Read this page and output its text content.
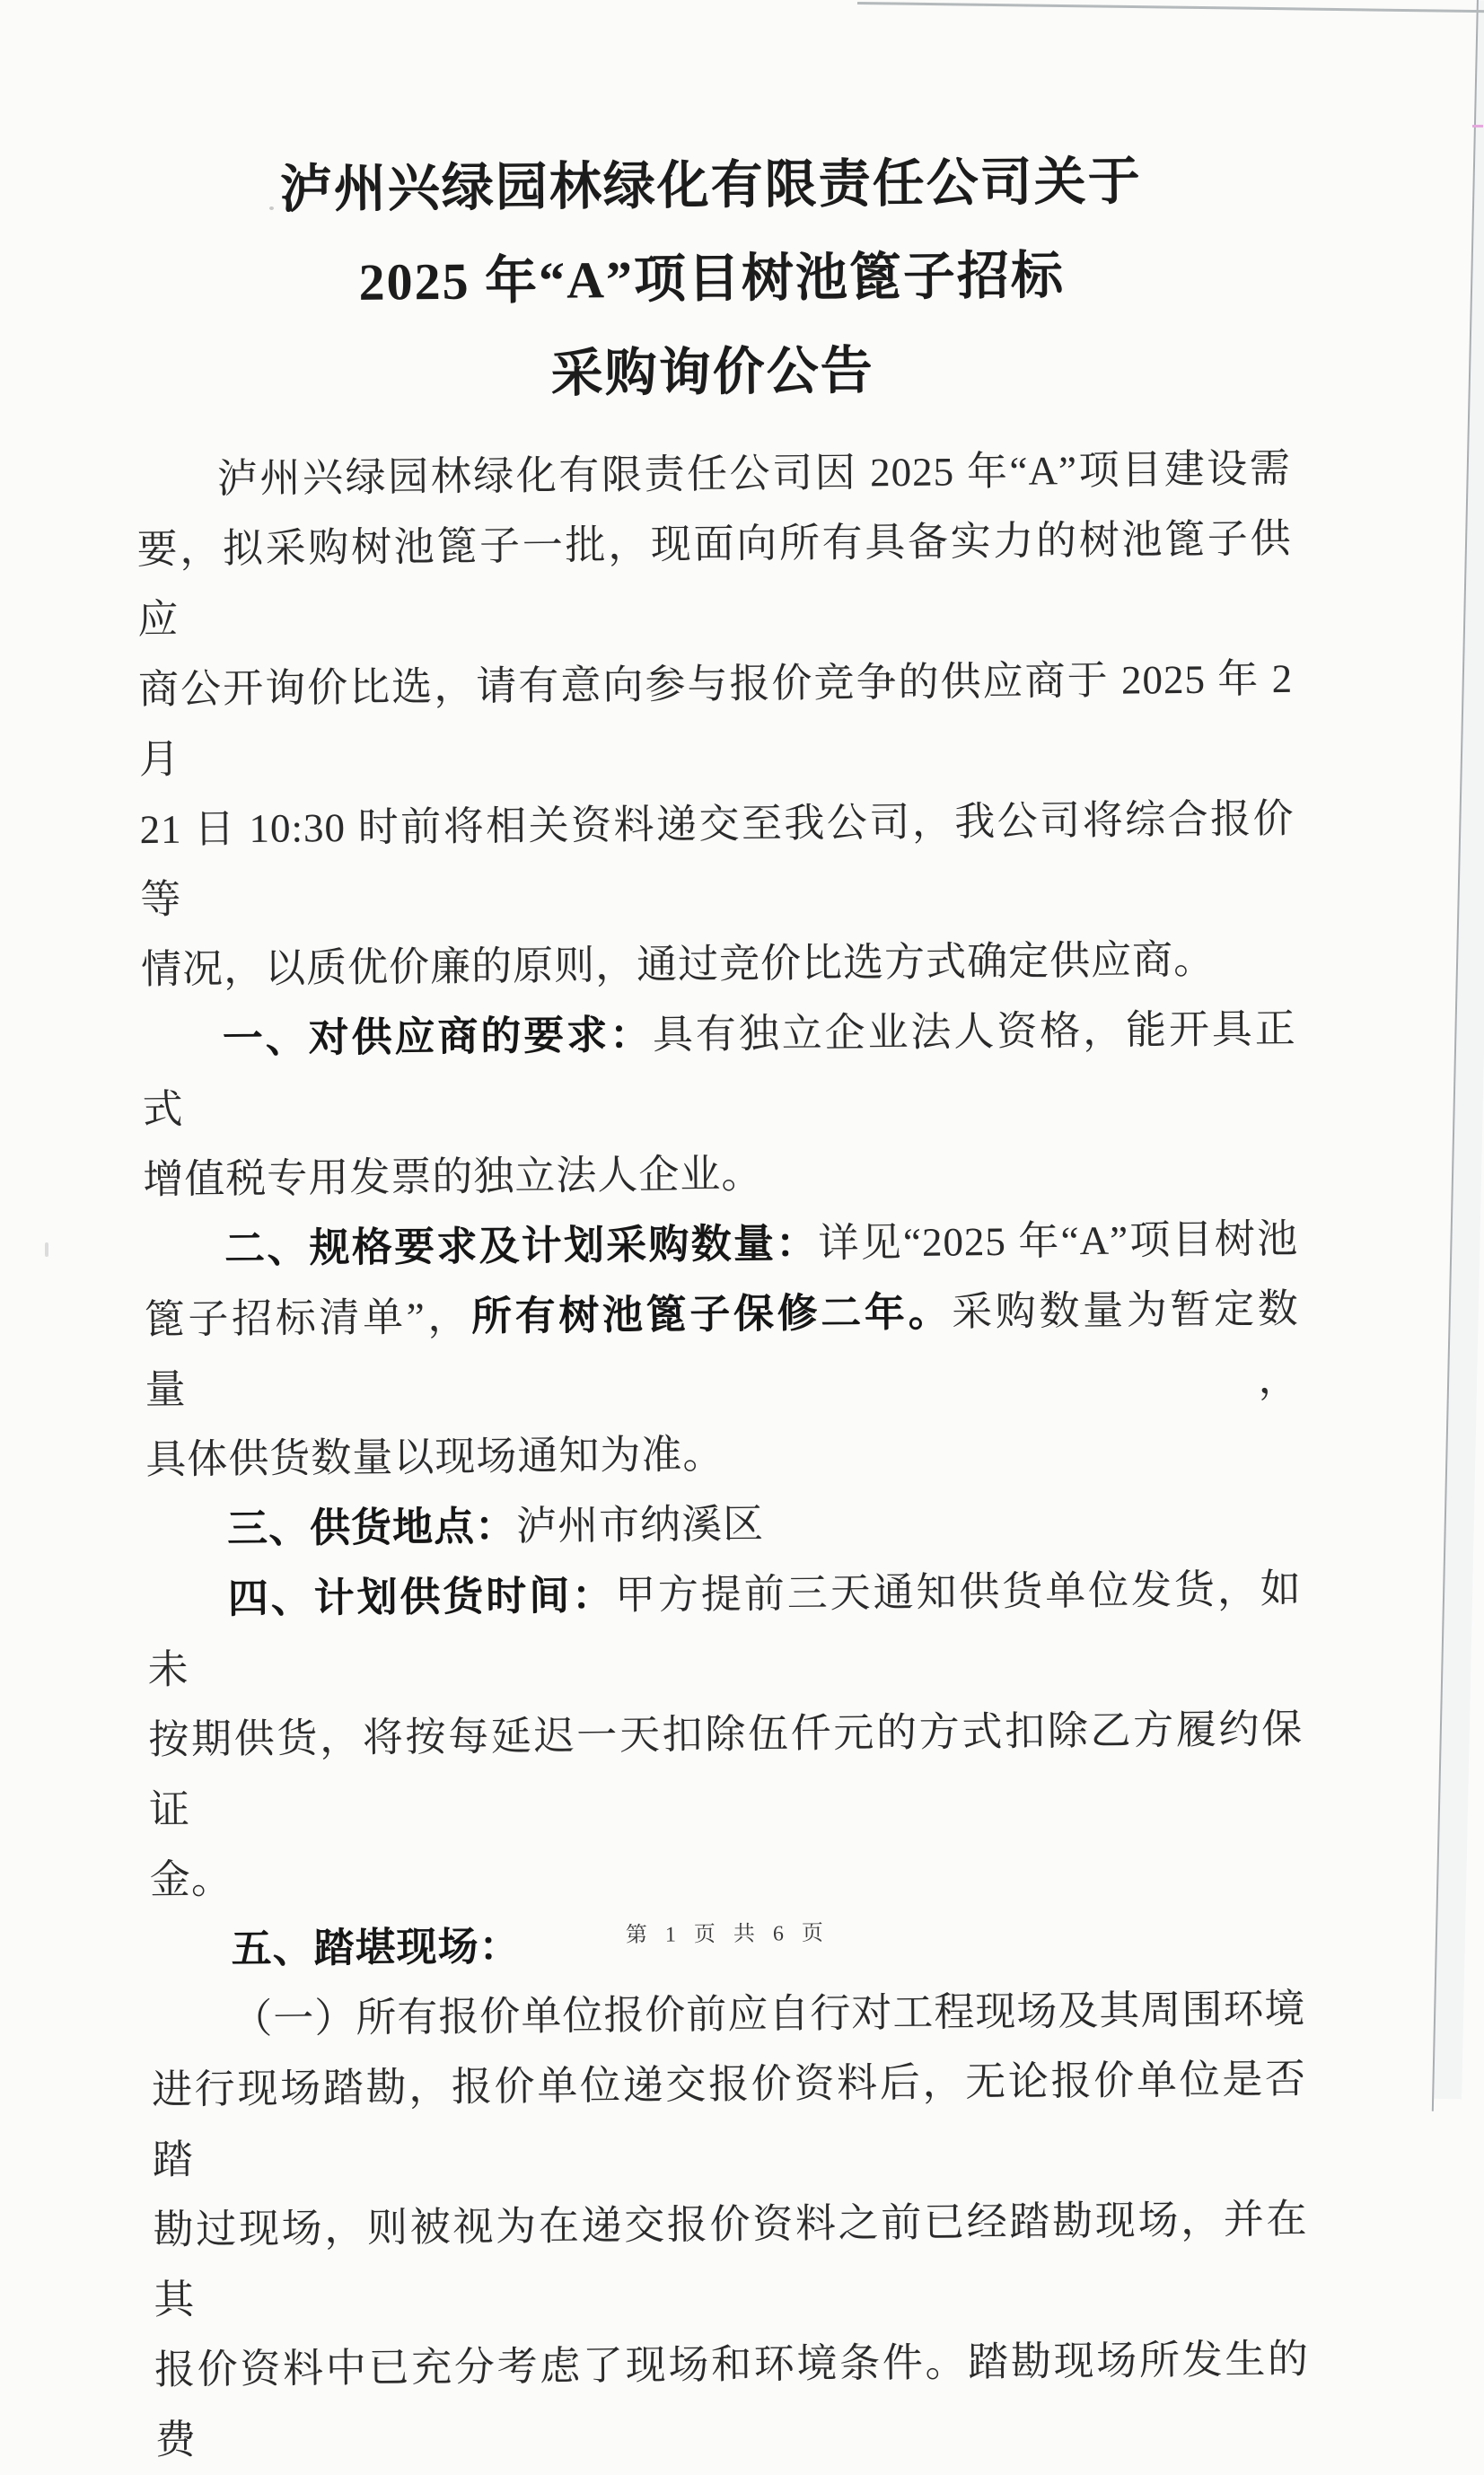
泸州兴绿园林绿化有限责任公司关于
2025 年“A”项目树池篦子招标
采购询价公告
泸州兴绿园林绿化有限责任公司因 2025 年“A”项目建设需
要，拟采购树池篦子一批，现面向所有具备实力的树池篦子供应
商公开询价比选，请有意向参与报价竞争的供应商于 2025 年 2 月
21 日 10:30 时前将相关资料递交至我公司，我公司将综合报价等
情况，以质优价廉的原则，通过竞价比选方式确定供应商。
一、对供应商的要求：具有独立企业法人资格，能开具正式
增值税专用发票的独立法人企业。
二、规格要求及计划采购数量：详见“2025 年“A”项目树池
篦子招标清单”，所有树池篦子保修二年。采购数量为暂定数量，
具体供货数量以现场通知为准。
三、供货地点：泸州市纳溪区
四、计划供货时间：甲方提前三天通知供货单位发货，如未
按期供货，将按每延迟一天扣除伍仟元的方式扣除乙方履约保证
金。
五、踏堪现场：
（一）所有报价单位报价前应自行对工程现场及其周围环境
进行现场踏勘，报价单位递交报价资料后，无论报价单位是否踏
勘过现场，则被视为在递交报价资料之前已经踏勘现场，并在其
报价资料中已充分考虑了现场和环境条件。踏勘现场所发生的费
第 1 页 共 6 页
